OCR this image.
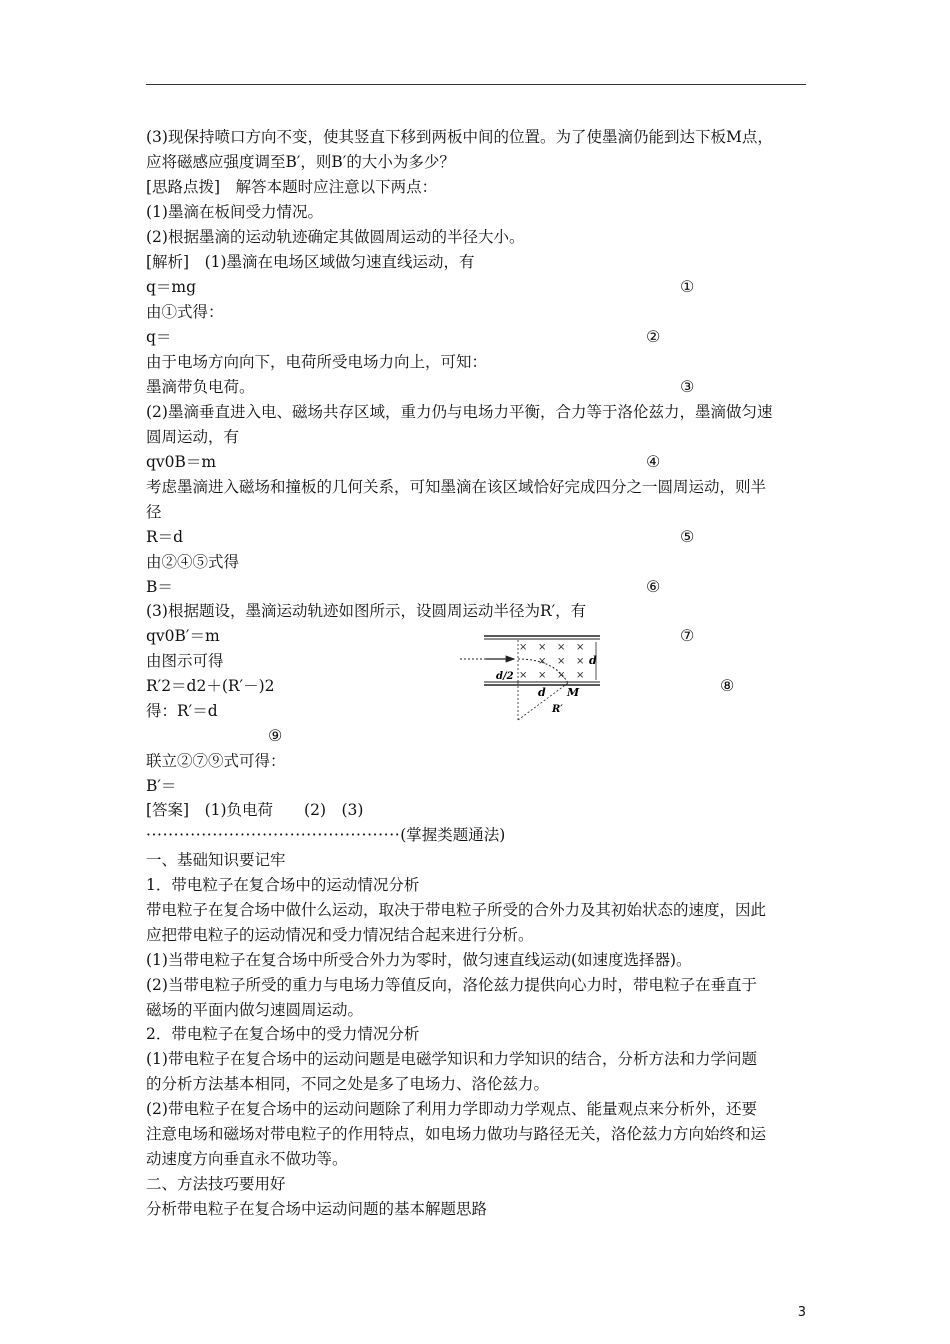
(3)现保持喷口方向不变，使其竖直下移到两板中间的位置。为了使墨滴仍能到达下板M点，
应将磁感应强度调至B′，则B′的大小为多少？
[思路点拨]　解答本题时应注意以下两点：
(1)墨滴在板间受力情况。
(2)根据墨滴的运动轨迹确定其做圆周运动的半径大小。
[解析]　(1)墨滴在电场区域做匀速直线运动，有
q＝mg
由①式得：
q＝
由于电场方向向下，电荷所受电场力向上，可知：
墨滴带负电荷。
(2)墨滴垂直进入电、磁场共存区域，重力仍与电场力平衡，合力等于洛伦兹力，墨滴做匀速
圆周运动，有
qv0B＝m
考虑墨滴进入磁场和撞板的几何关系，可知墨滴在该区域恰好完成四分之一圆周运动，则半
径
R＝d
由②④⑤式得
B＝
(3)根据题设，墨滴运动轨迹如图所示，设圆周运动半径为R′，有
qv0B′＝m
由图示可得
R′2＝d2＋(R′－)2
得：R′＝d
联立②⑦⑨式可得：
B′＝
[答案]　(1)负电荷　　(2)　(3)
··············································(掌握类题通法)
一、基础知识要记牢
1．带电粒子在复合场中的运动情况分析
带电粒子在复合场中做什么运动，取决于带电粒子所受的合外力及其初始状态的速度，因此
应把带电粒子的运动情况和受力情况结合起来进行分析。
(1)当带电粒子在复合场中所受合外力为零时，做匀速直线运动(如速度选择器)。
(2)当带电粒子所受的重力与电场力等值反向，洛伦兹力提供向心力时，带电粒子在垂直于
磁场的平面内做匀速圆周运动。
2．带电粒子在复合场中的受力情况分析
(1)带电粒子在复合场中的运动问题是电磁学知识和力学知识的结合，分析方法和力学问题
的分析方法基本相同，不同之处是多了电场力、洛伦兹力。
(2)带电粒子在复合场中的运动问题除了利用力学即动力学观点、能量观点来分析外，还要
注意电场和磁场对带电粒子的作用特点，如电场力做功与路径无关，洛伦兹力方向始终和运
动速度方向垂直永不做功等。
二、方法技巧要用好
分析带电粒子在复合场中运动问题的基本解题思路
①
②
③
④
⑤
⑥
⑦
⑧
⑨
× × × ×
× × ×
× × × ×
d
d/2
d M
R′
3
